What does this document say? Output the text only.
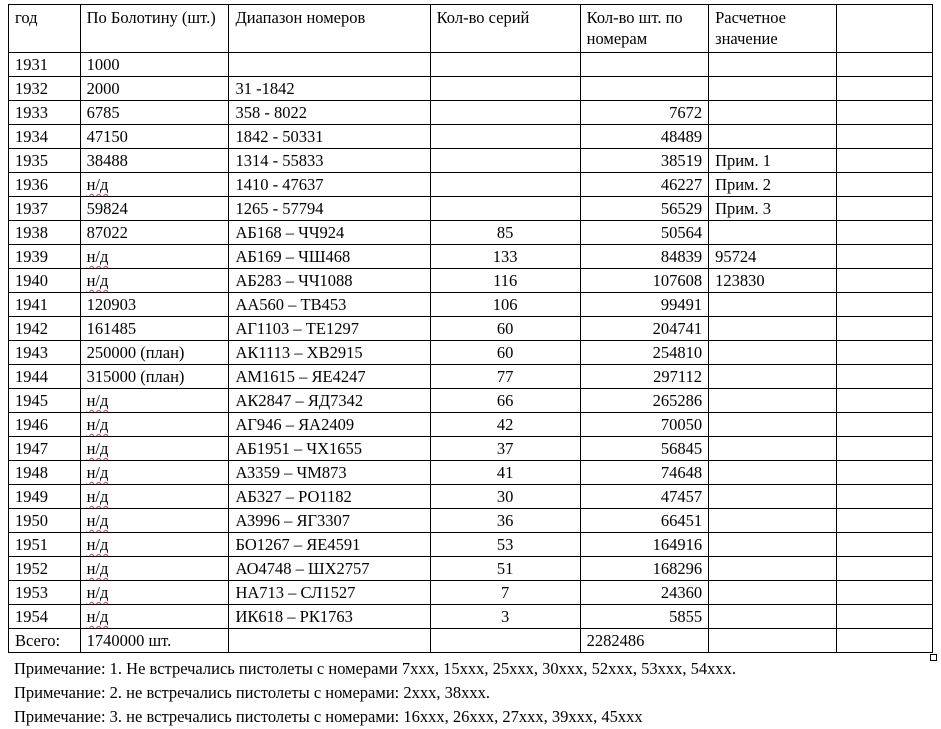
год	По Болотину (шт.)	Диапазон номеров	Кол-во серий	Кол-во шт. по номерам	Расчетное значение	
1931	1000					
1932	2000	31 -1842				
1933	6785	358 - 8022		7672		
1934	47150	1842 - 50331		48489		
1935	38488	1314 - 55833		38519	Прим. 1	
1936	н/д	1410 - 47637		46227	Прим. 2	
1937	59824	1265 - 57794		56529	Прим. 3	
1938	87022	АБ168 – ЧЧ924	85	50564		
1939	н/д	АБ169 – ЧШ468	133	84839	95724	
1940	н/д	АБ283 – ЧЧ1088	116	107608	123830	
1941	120903	АА560 – ТВ453	106	99491		
1942	161485	АГ1103 – ТЕ1297	60	204741		
1943	250000 (план)	АК1113 – ХВ2915	60	254810		
1944	315000 (план)	АМ1615 – ЯЕ4247	77	297112		
1945	н/д	АК2847 – ЯД7342	66	265286		
1946	н/д	АГ946 – ЯА2409	42	70050		
1947	н/д	АБ1951 – ЧХ1655	37	56845		
1948	н/д	АЗ359 – ЧМ873	41	74648		
1949	н/д	АБ327 – РО1182	30	47457		
1950	н/д	АЗ996 – ЯГ3307	36	66451		
1951	н/д	БО1267 – ЯЕ4591	53	164916		
1952	н/д	АО4748 – ШХ2757	51	168296		
1953	н/д	НА713 – СЛ1527	7	24360		
1954	н/д	ИК618 – РК1763	3	5855		
Всего:	1740000 шт.			2282486		
Примечание: 1. Не встречались пистолеты с номерами 7ххх, 15ххх, 25ххх, 30ххх, 52ххх, 53ххх, 54ххх.
Примечание: 2. не встречались пистолеты с номерами: 2ххх, 38ххх.
Примечание: 3. не встречались пистолеты с номерами: 16ххх, 26ххх, 27ххх, 39ххх, 45ххх
